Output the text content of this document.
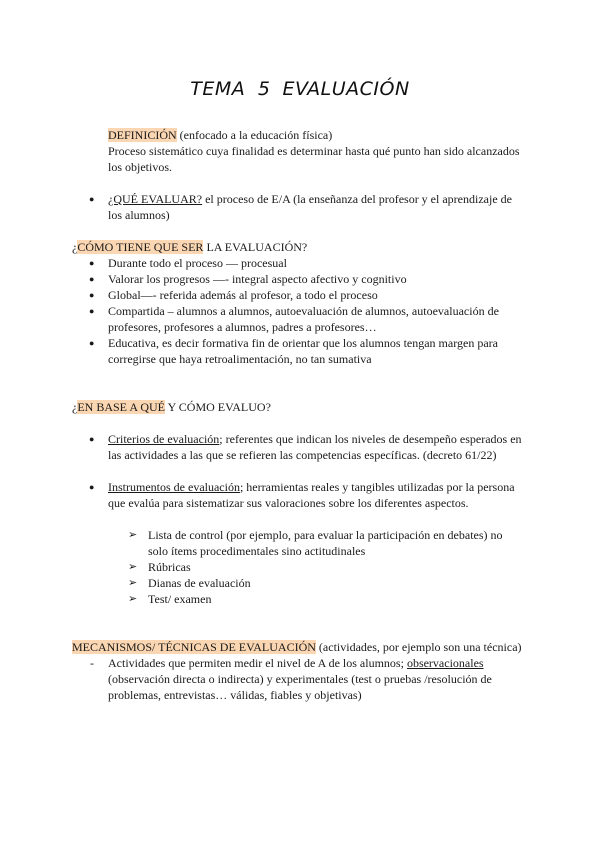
TEMA 5 EVALUACIÓN

DEFINICIÓN (enfocado a la educación física)

Proceso sistemático cuya finalidad es determinar hasta qué punto han sido alcanzados los objetivos.

● ¿QUÉ EVALUAR? el proceso de E/A (la enseñanza del profesor y el aprendizaje de los alumnos)
¿CÓMO TIENE QUE SER LA EVALUACIÓN?
● Durante todo el proceso — procesual
● Valorar los progresos —- integral aspecto afectivo y cognitivo
● Global—- referida además al profesor, a todo el proceso
● Compartida – alumnos a alumnos, autoevaluación de alumnos, autoevaluación de profesores, profesores a alumnos, padres a profesores…
● Educativa, es decir formativa fin de orientar que los alumnos tengan margen para corregirse que haya retroalimentación, no tan sumativa
¿EN BASE A QUÉ Y CÓMO EVALUO?
● Criterios de evaluación; referentes que indican los niveles de desempeño esperados en las actividades a las que se refieren las competencias específicas. (decreto 61/22)
● Instrumentos de evaluación; herramientas reales y tangibles utilizadas por la persona que evalúa para sistematizar sus valoraciones sobre los diferentes aspectos.
➢ Lista de control (por ejemplo, para evaluar la participación en debates) no solo ítems procedimentales sino actitudinales
➢ Rúbricas
➢ Dianas de evaluación
➢ Test/ examen
MECANISMOS/ TÉCNICAS DE EVALUACIÓN (actividades, por ejemplo son una técnica)
- Actividades que permiten medir el nivel de A de los alumnos; observacionales (observación directa o indirecta) y experimentales (test o pruebas /resolución de problemas, entrevistas… válidas, fiables y objetivas)
